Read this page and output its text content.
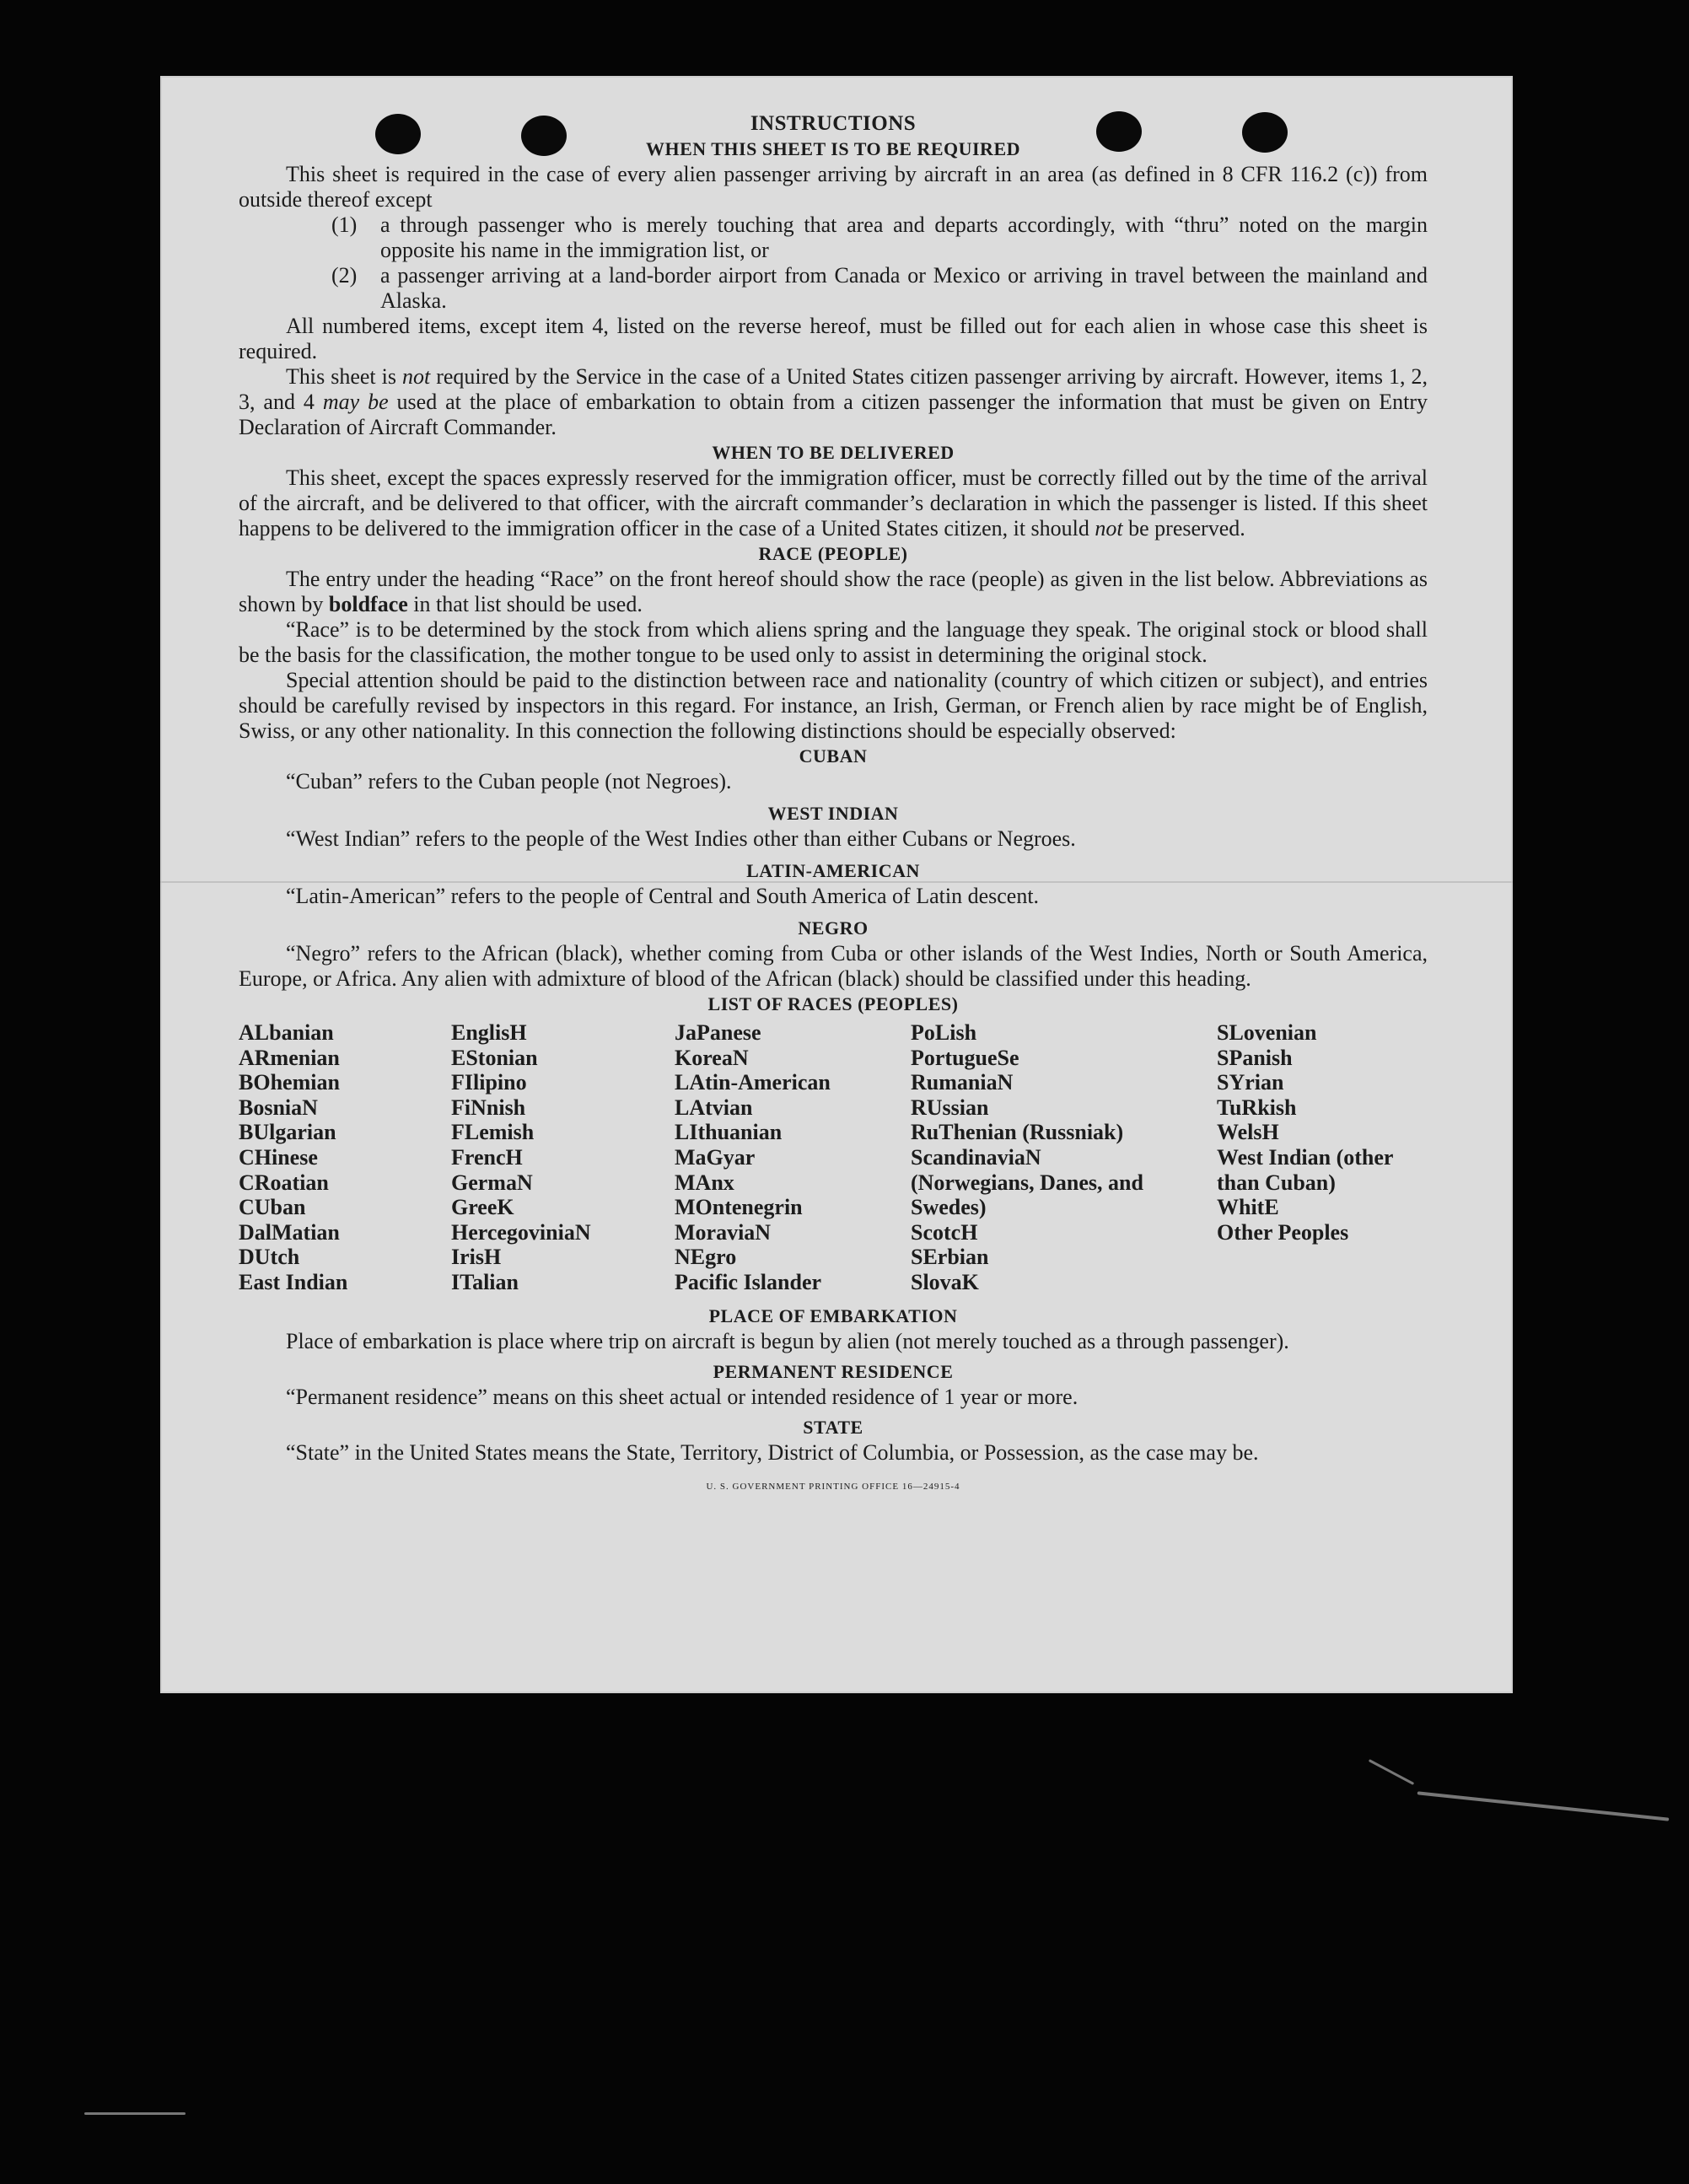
INSTRUCTIONS
WHEN THIS SHEET IS TO BE REQUIRED

This sheet is required in the case of every alien passenger arriving by aircraft in an area (as defined in 8 CFR 116.2 (c)) from outside thereof except

(1) a through passenger who is merely touching that area and departs accordingly, with “thru” noted on the margin opposite his name in the immigration list, or
(2) a passenger arriving at a land-border airport from Canada or Mexico or arriving in travel between the mainland and Alaska.

All numbered items, except item 4, listed on the reverse hereof, must be filled out for each alien in whose case this sheet is required.

This sheet is not required by the Service in the case of a United States citizen passenger arriving by aircraft. However, items 1, 2, 3, and 4 may be used at the place of embarkation to obtain from a citizen passenger the information that must be given on Entry Declaration of Aircraft Commander.

WHEN TO BE DELIVERED

This sheet, except the spaces expressly reserved for the immigration officer, must be correctly filled out by the time of the arrival of the aircraft, and be delivered to that officer, with the aircraft commander’s declaration in which the passenger is listed. If this sheet happens to be delivered to the immigration officer in the case of a United States citizen, it should not be preserved.

RACE (PEOPLE)

The entry under the heading “Race” on the front hereof should show the race (people) as given in the list below. Abbreviations as shown by boldface in that list should be used.

“Race” is to be determined by the stock from which aliens spring and the language they speak. The original stock or blood shall be the basis for the classification, the mother tongue to be used only to assist in determining the original stock.

Special attention should be paid to the distinction between race and nationality (country of which citizen or subject), and entries should be carefully revised by inspectors in this regard. For instance, an Irish, German, or French alien by race might be of English, Swiss, or any other nationality. In this connection the following distinctions should be especially observed:

CUBAN

“Cuban” refers to the Cuban people (not Negroes).

WEST INDIAN

“West Indian” refers to the people of the West Indies other than either Cubans or Negroes.

LATIN-AMERICAN

“Latin-American” refers to the people of Central and South America of Latin descent.

NEGRO

“Negro” refers to the African (black), whether coming from Cuba or other islands of the West Indies, North or South America, Europe, or Africa. Any alien with admixture of blood of the African (black) should be classified under this heading.

LIST OF RACES (PEOPLES)
ALbanian
ARmenian
BOhemian
BosniaN
BUlgarian
CHinese
CRoatian
CUban
DalMatian
DUtch
East Indian
EnglisH
EStonian
FIlipino
FiNnish
FLemish
FrencH
GermaN
GreeK
HercegoviniaN
IrisH
ITalian
JaPanese
KoreaN
LAtin-American
LAtvian
LIthuanian
MaGyar
MAnx
MOntenegrin
MoraviaN
NEgro
Pacific Islander
PoLish
PortugueSe
RumaniaN
RUssian
RuThenian (Russniak)
ScandinaviaN (Norwegians, Danes, and Swedes)
ScotcH
SErbian
SlovaK
SLovenian
SPanish
SYrian
TuRkish
WelsH
West Indian (other than Cuban)
WhitE
Other Peoples
PLACE OF EMBARKATION

Place of embarkation is place where trip on aircraft is begun by alien (not merely touched as a through passenger).

PERMANENT RESIDENCE

“Permanent residence” means on this sheet actual or intended residence of 1 year or more.

STATE

“State” in the United States means the State, Territory, District of Columbia, or Possession, as the case may be.

U. S. GOVERNMENT PRINTING OFFICE 16—24915-4
